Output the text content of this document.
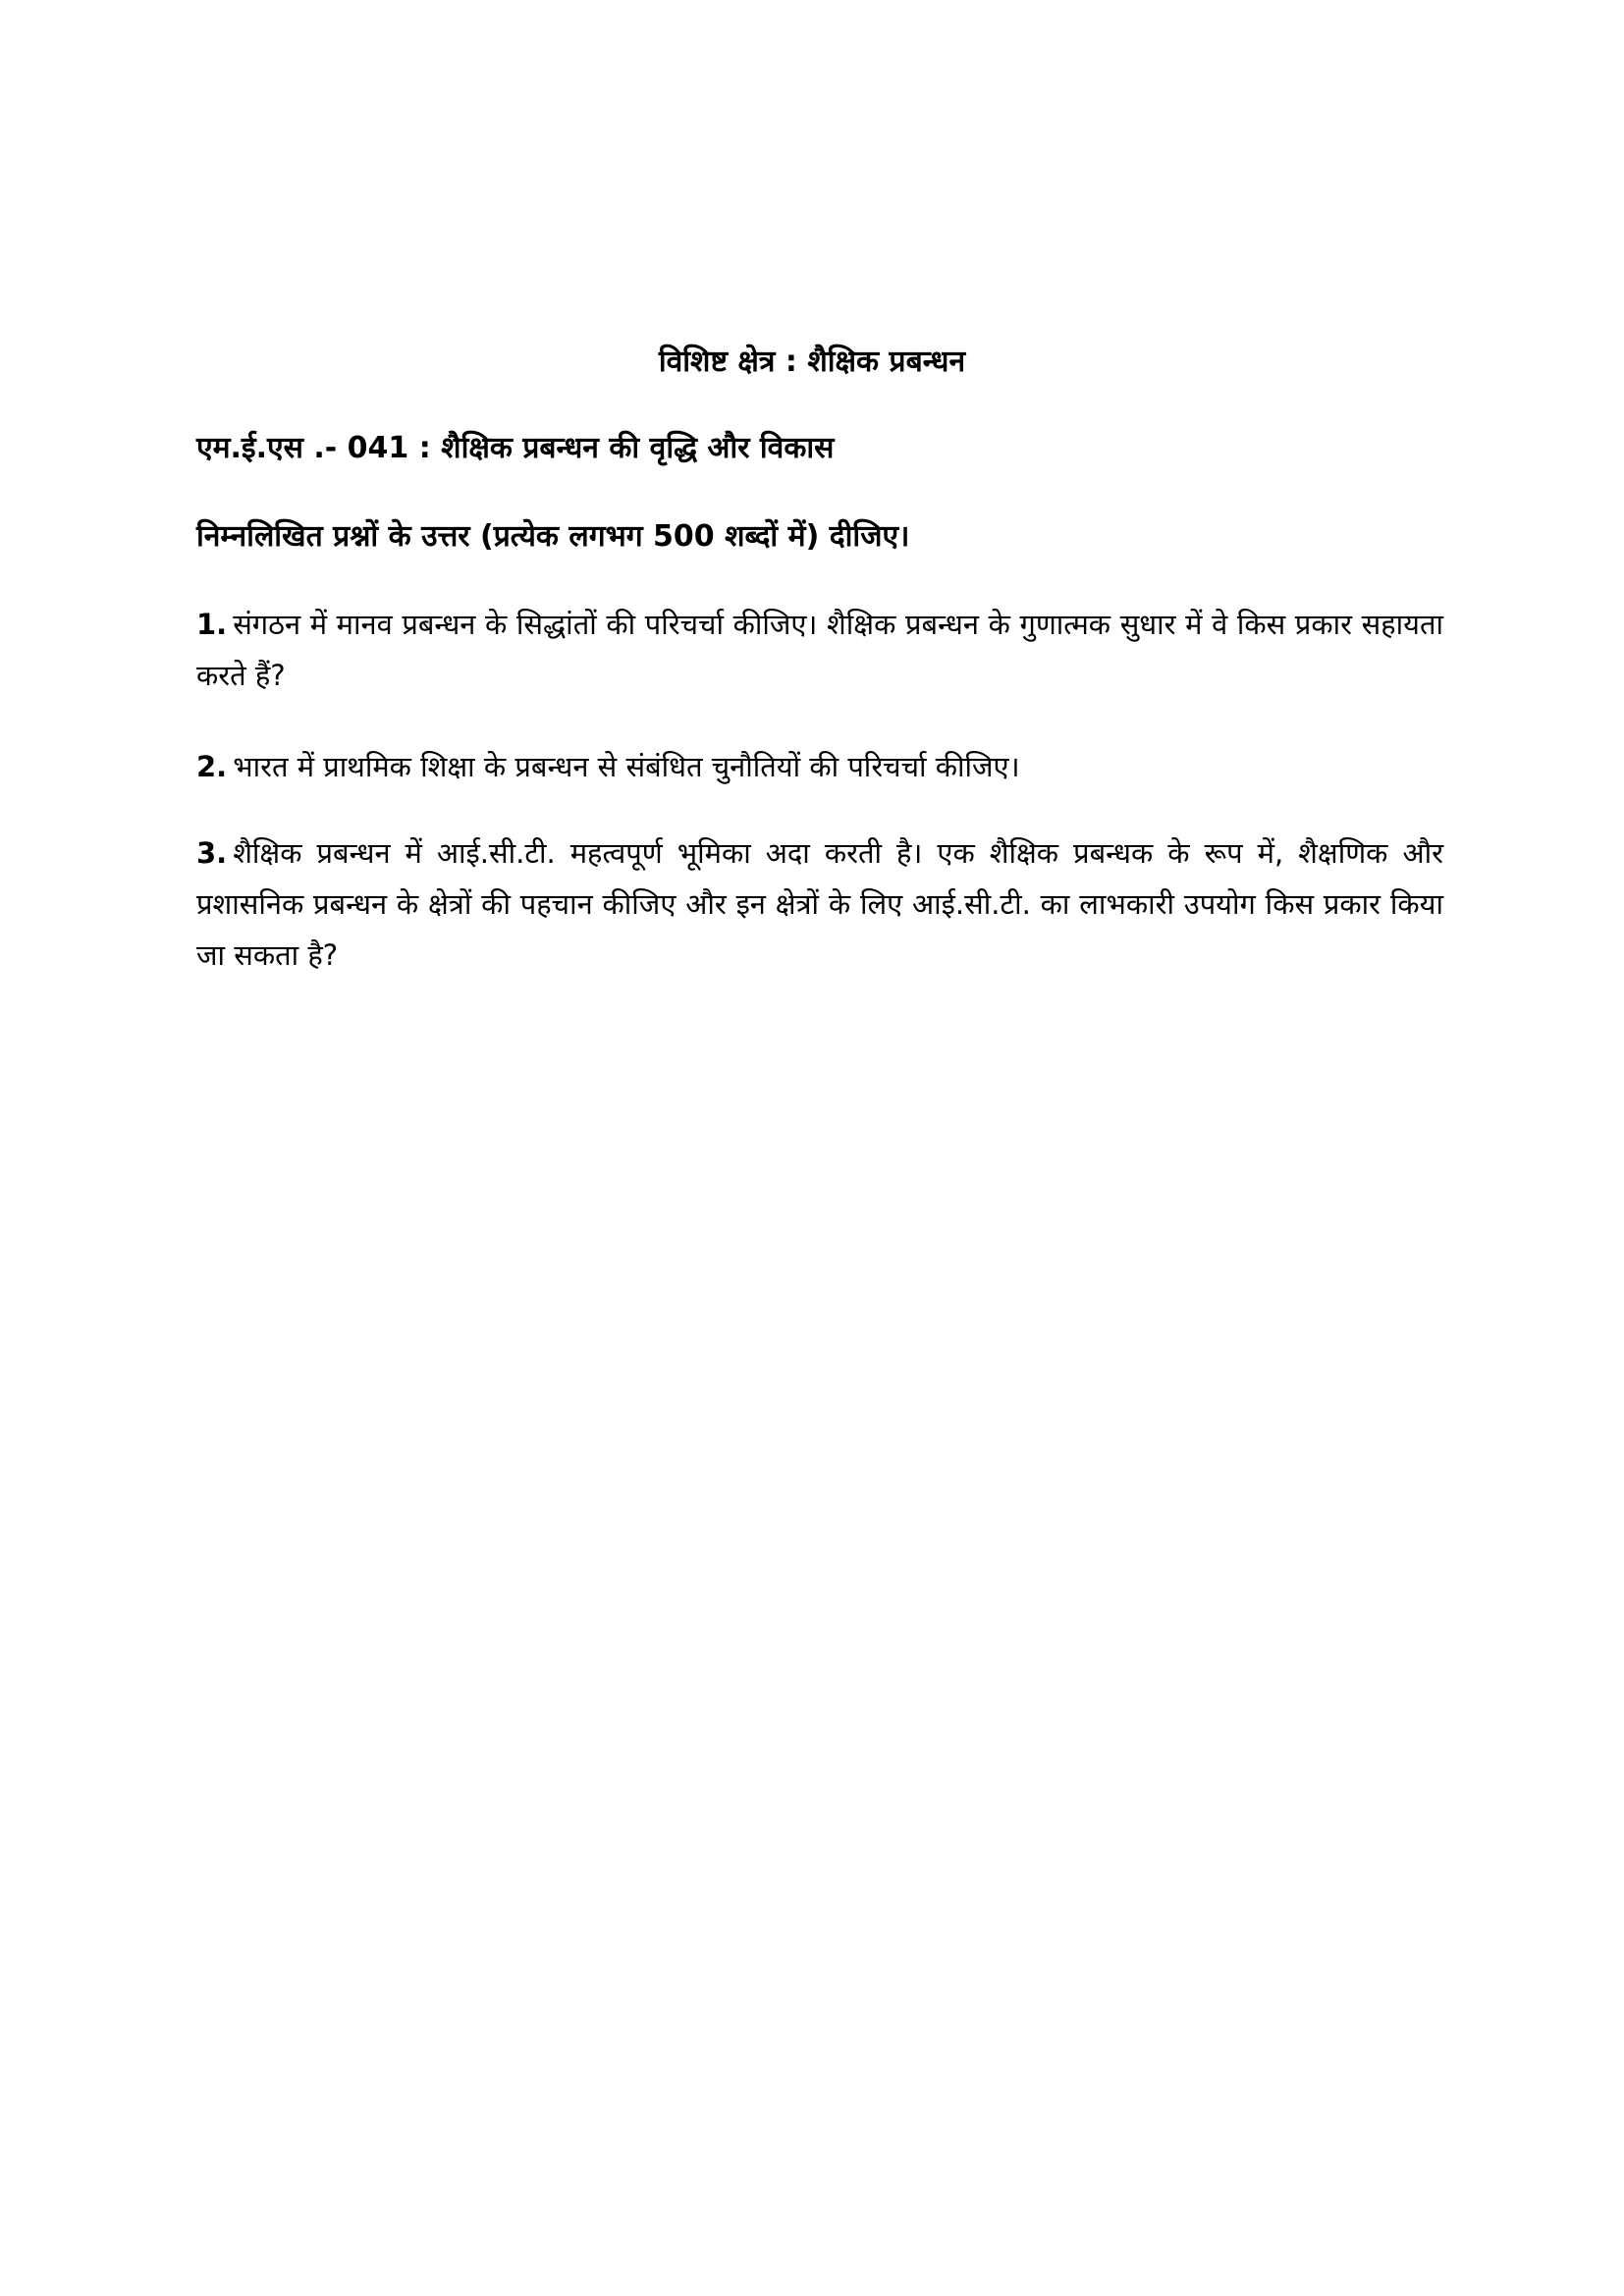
विशिष्ट क्षेत्र : शैक्षिक प्रबन्धन
एम.ई.एस .- 041 : शैक्षिक प्रबन्धन की वृद्धि और विकास
निम्नलिखित प्रश्नों के उत्तर (प्रत्येक लगभग 500 शब्दों में) दीजिए।
1. संगठन में मानव प्रबन्धन के सिद्धांतों की परिचर्चा कीजिए। शैक्षिक प्रबन्धन के गुणात्मक सुधार में वे किस प्रकार सहायता करते हैं?
2. भारत में प्राथमिक शिक्षा के प्रबन्धन से संबंधित चुनौतियों की परिचर्चा कीजिए।
3. शैक्षिक प्रबन्धन में आई.सी.टी. महत्वपूर्ण भूमिका अदा करती है। एक शैक्षिक प्रबन्धक के रूप में, शैक्षणिक और प्रशासनिक प्रबन्धन के क्षेत्रों की पहचान कीजिए और इन क्षेत्रों के लिए आई.सी.टी. का लाभकारी उपयोग किस प्रकार किया जा सकता है?
